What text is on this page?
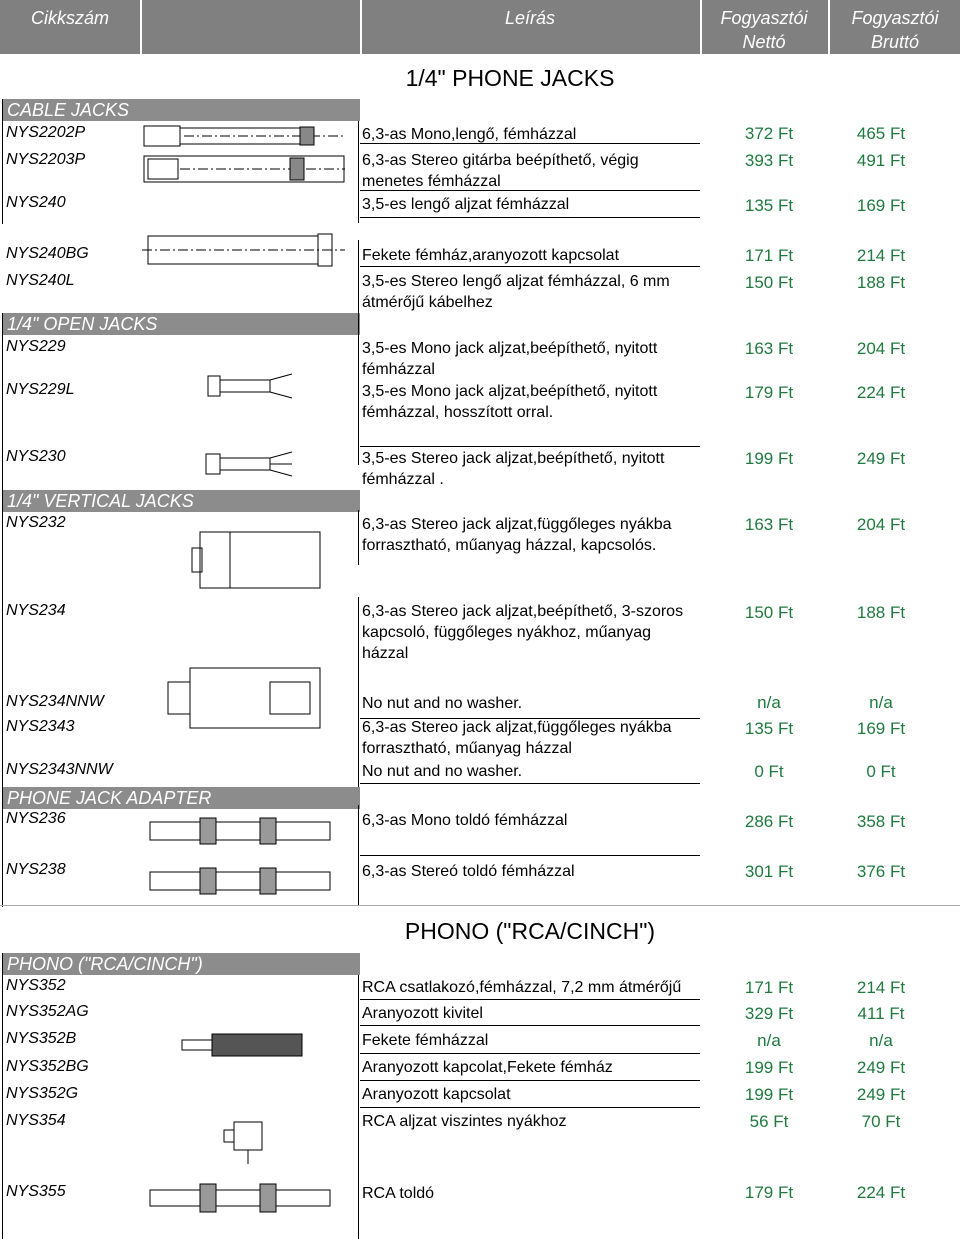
Cikkszám	Leírás	Fogyasztói
Nettó
Fogyasztói
Bruttó
1/4" PHONE JACKS
PHONO ("RCA/CINCH")
CABLE JACKS
1/4" OPEN JACKS
1/4" VERTICAL JACKS
PHONE JACK ADAPTER
PHONO ("RCA/CINCH")
NYS2202P
NYS2203P
NYS240
NYS240BG
NYS240L
NYS229
NYS229L
NYS230
NYS232
NYS234
NYS234NNW
NYS2343
NYS2343NNW
NYS236
NYS238
NYS352
NYS352AG
NYS352B
NYS352BG
NYS352G
NYS354
NYS355
6,3-as Mono,lengő, fémházzal
6,3-as Stereo gitárba beépíthető, végig menetes fémházzal
3,5-es lengő aljzat fémházzal
Fekete fémház,aranyozott kapcsolat
3,5-es Stereo lengő aljzat fémházzal, 6 mm átmérőjű kábelhez
3,5-es Mono jack aljzat,beépíthető, nyitott fémházzal
3,5-es Mono jack aljzat,beépíthető, nyitott fémházzal, hosszított orral.
3,5-es Stereo jack aljzat,beépíthető, nyitott fémházzal .
6,3-as Stereo jack aljzat,függőleges nyákba forrasztható, műanyag házzal, kapcsolós.
6,3-as Stereo jack aljzat,beépíthető, 3-szoros kapcsoló, függőleges nyákhoz, műanyag házzal
No nut and no washer.
6,3-as Stereo jack aljzat,függőleges nyákba forrasztható, műanyag házzal
No nut and no washer.
6,3-as Mono toldó fémházzal
6,3-as Stereó toldó fémházzal
RCA csatlakozó,fémházzal, 7,2 mm átmérőjű
Aranyozott kivitel
Fekete fémházzal
Aranyozott kapcolat,Fekete fémház
Aranyozott kapcsolat
RCA aljzat viszintes nyákhoz
RCA toldó
372 Ft
393 Ft
135 Ft
171 Ft
150 Ft
163 Ft
179 Ft
199 Ft
163 Ft
150 Ft
n/a
135 Ft
0 Ft
286 Ft
301 Ft
171 Ft
329 Ft
n/a
199 Ft
199 Ft
56 Ft
179 Ft
465 Ft
491 Ft
169 Ft
214 Ft
188 Ft
204 Ft
224 Ft
249 Ft
204 Ft
188 Ft
n/a
169 Ft
0 Ft
358 Ft
376 Ft
214 Ft
411 Ft
n/a
249 Ft
249 Ft
70 Ft
224 Ft
